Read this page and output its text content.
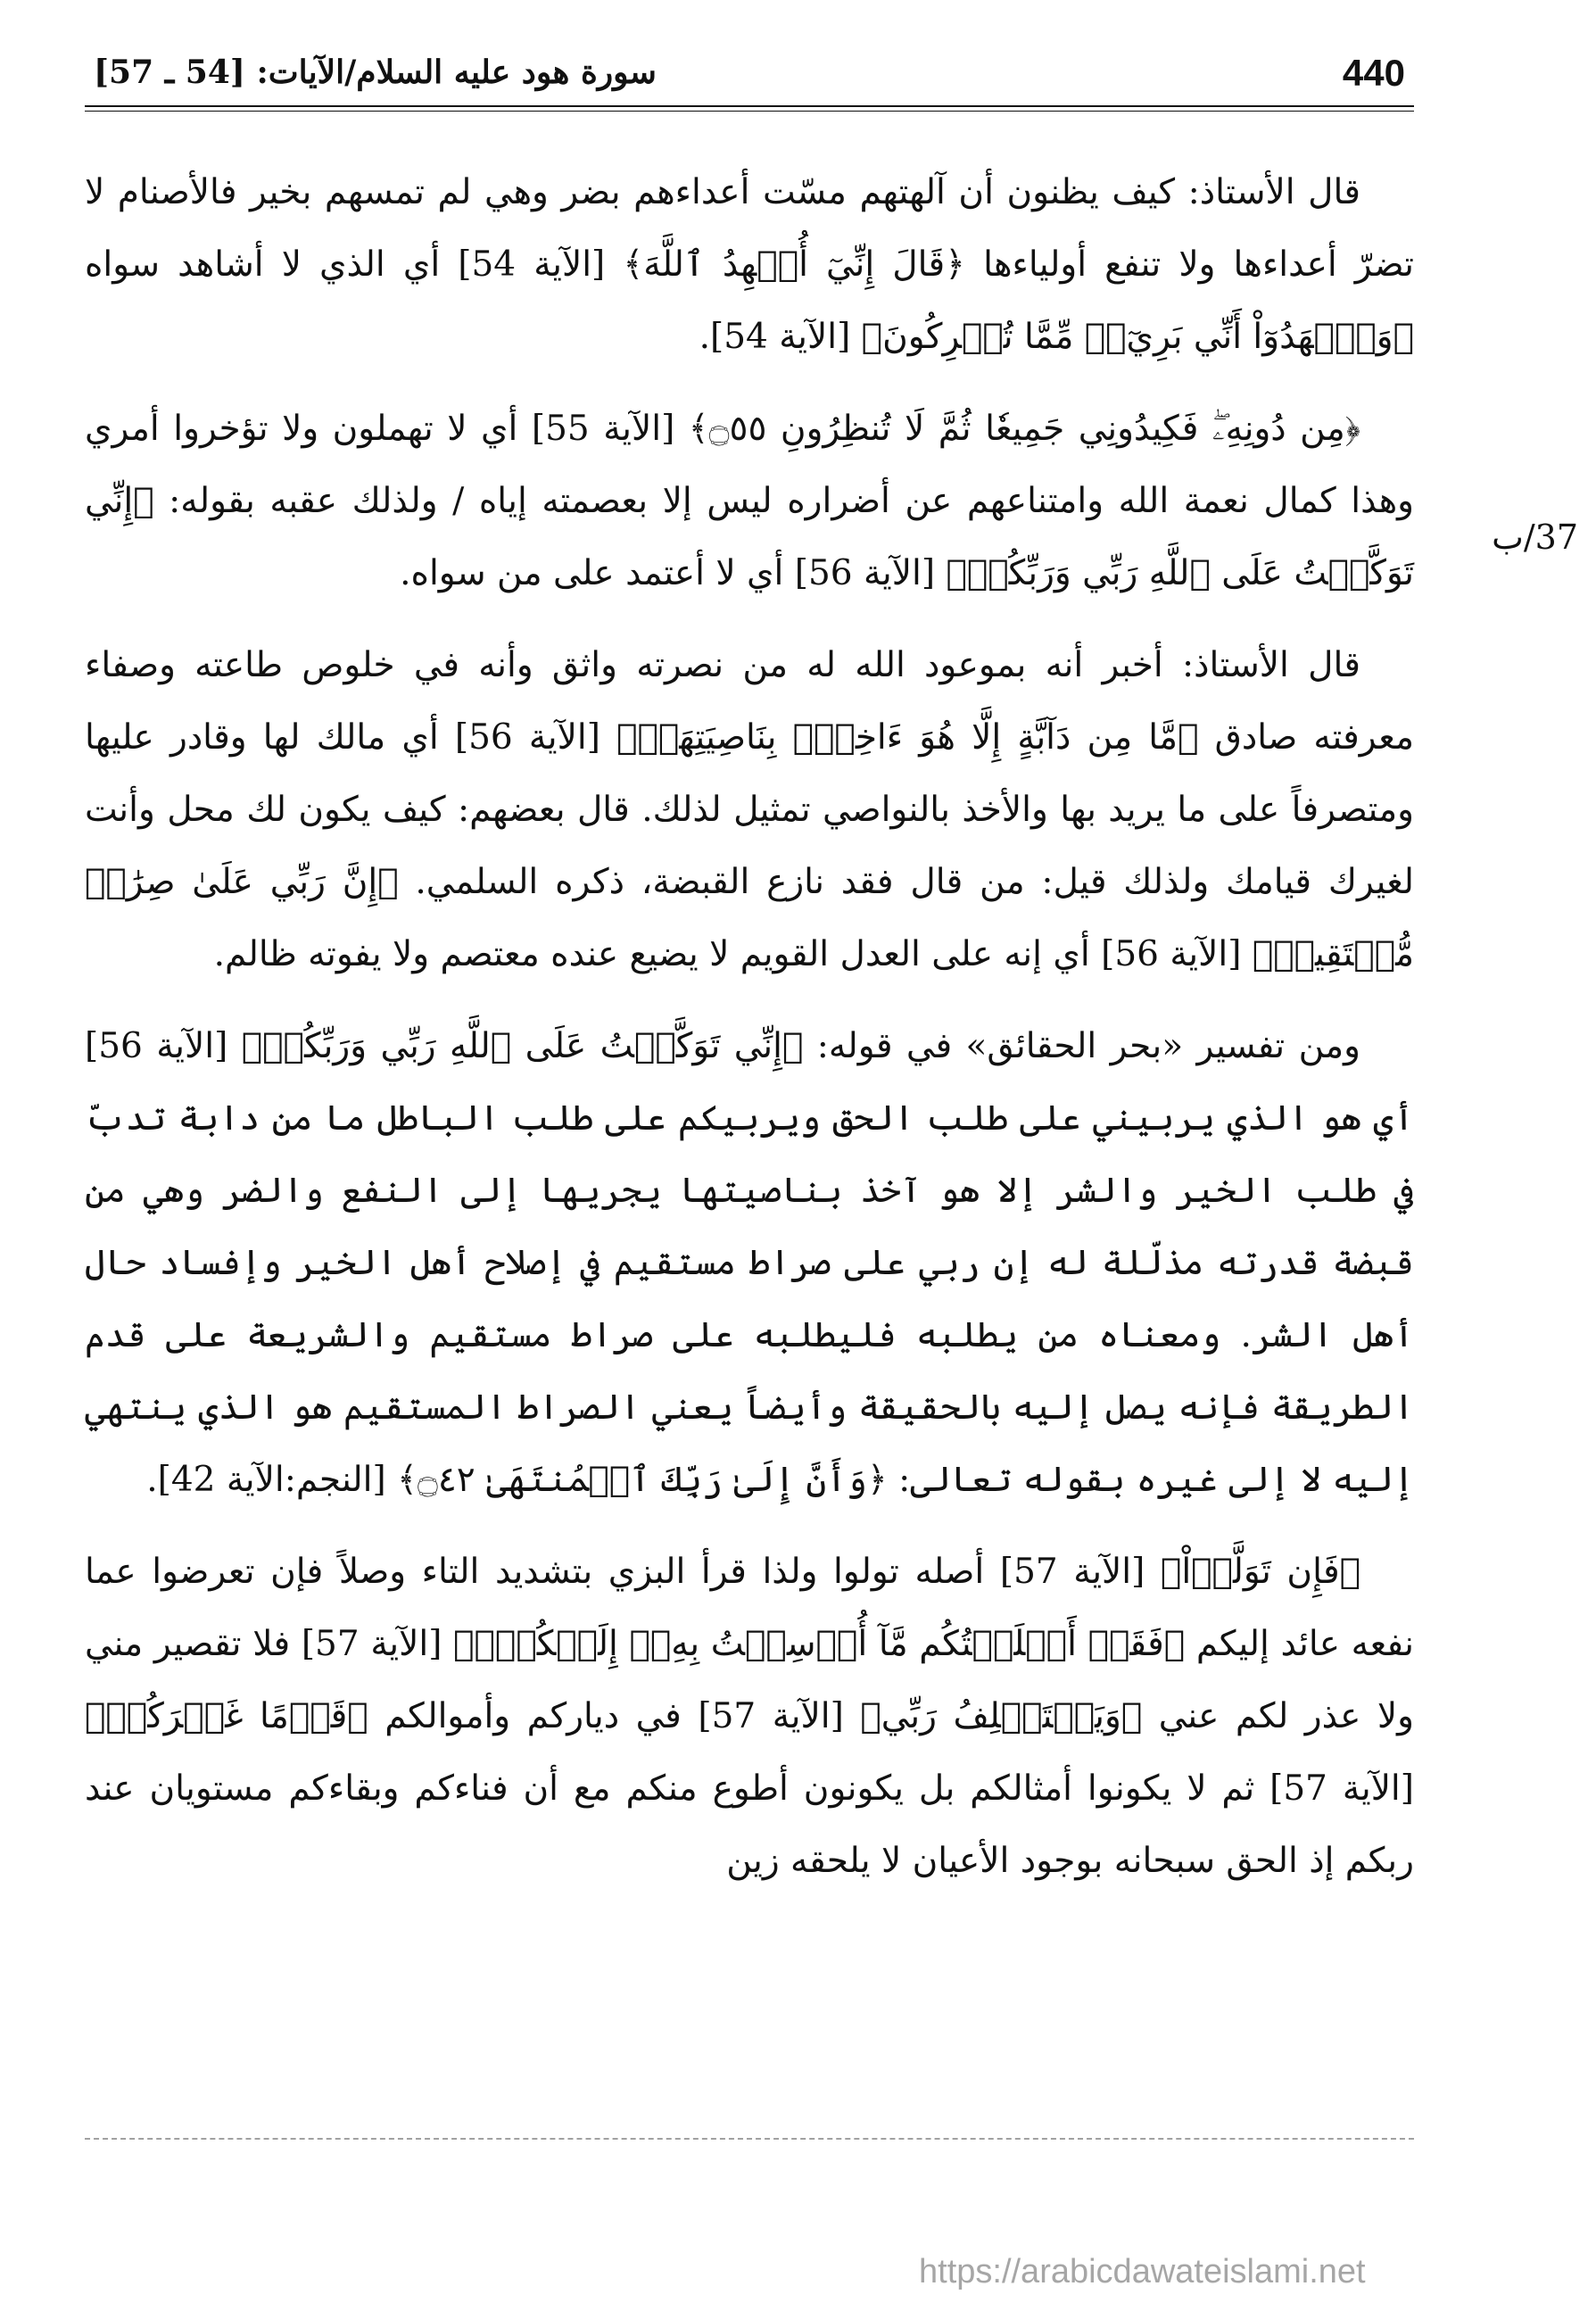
440
سورة هود عليه السلام/الآيات: [54 ـ 57]
37/ب

قال الأستاذ: كيف يظنون أن آلهتهم مسّت أعداءهم بضر وهي لم تمسهم بخير فالأصنام لا تضرّ أعداءها ولا تنفع أولياءها ﴿قَالَ إِنِّيٓ أُشۡهِدُ ٱللَّهَ﴾ [الآية 54] أي الذي لا أشاهد سواه ﴿وَٱشۡهَدُوٓاْ أَنِّي بَرِيٓءٞ مِّمَّا تُشۡرِكُونَ﴾ [الآية 54].

﴿مِن دُونِهِۦۖ فَكِيدُونِي جَمِيعٗا ثُمَّ لَا تُنظِرُونِ ۝٥٥﴾ [الآية 55] أي لا تهملون ولا تؤخروا أمري وهذا كمال نعمة الله وامتناعهم عن أضراره ليس إلا بعصمته إياه / ولذلك عقبه بقوله: ﴿إِنِّي تَوَكَّلۡتُ عَلَى ٱللَّهِ رَبِّي وَرَبِّكُمۚ﴾ [الآية 56] أي لا أعتمد على من سواه.

قال الأستاذ: أخبر أنه بموعود الله له من نصرته واثق وأنه في خلوص طاعته وصفاء معرفته صادق ﴿مَّا مِن دَآبَّةٍ إِلَّا هُوَ ءَاخِذُۢ بِنَاصِيَتِهَآۚ﴾ [الآية 56] أي مالك لها وقادر عليها ومتصرفاً على ما يريد بها والأخذ بالنواصي تمثيل لذلك. قال بعضهم: كيف يكون لك محل وأنت لغيرك قيامك ولذلك قيل: من قال فقد نازع القبضة، ذكره السلمي. ﴿إِنَّ رَبِّي عَلَىٰ صِرَٰطٖ مُّسۡتَقِيمٖ﴾ [الآية 56] أي إنه على العدل القويم لا يضيع عنده معتصم ولا يفوته ظالم.

ومن تفسير «بحر الحقائق» في قوله: ﴿إِنِّي تَوَكَّلۡتُ عَلَى ٱللَّهِ رَبِّي وَرَبِّكُمۚ﴾ [الآية 56] أي هو الذي يربيني على طلب الحق ويربيكم على طلب الباطل ما من دابة تدبّ في طلب الخير والشر إلا هو آخذ بناصيتها يجريها إلى النفع والضر وهي من قبضة قدرته مذلّلة له إن ربي على صراط مستقيم في إصلاح أهل الخير وإفساد حال أهل الشر. ومعناه من يطلبه فليطلبه على صراط مستقيم والشريعة على قدم الطريقة فإنه يصل إليه بالحقيقة وأيضاً يعني الصراط المستقيم هو الذي ينتهي إليه لا إلى غيره بقوله تعالى: ﴿وَأَنَّ إِلَىٰ رَبِّكَ ٱلۡمُنتَهَىٰ ۝٤٢﴾ [النجم:الآية 42].

﴿فَإِن تَوَلَّوۡاْ﴾ [الآية 57] أصله تولوا ولذا قرأ البزي بتشديد التاء وصلاً فإن تعرضوا عما نفعه عائد إليكم ﴿فَقَدۡ أَبۡلَغۡتُكُم مَّآ أُرۡسِلۡتُ بِهِۦٓ إِلَيۡكُمۡۚ﴾ [الآية 57] فلا تقصير مني ولا عذر لكم عني ﴿وَيَسۡتَخۡلِفُ رَبِّي﴾ [الآية 57] في دياركم وأموالكم ﴿قَوۡمًا غَيۡرَكُمۡ﴾ [الآية 57] ثم لا يكونوا أمثالكم بل يكونون أطوع منكم مع أن فناءكم وبقاءكم مستويان عند ربكم إذ الحق سبحانه بوجود الأعيان لا يلحقه زين

https://arabicdawateislami.net
